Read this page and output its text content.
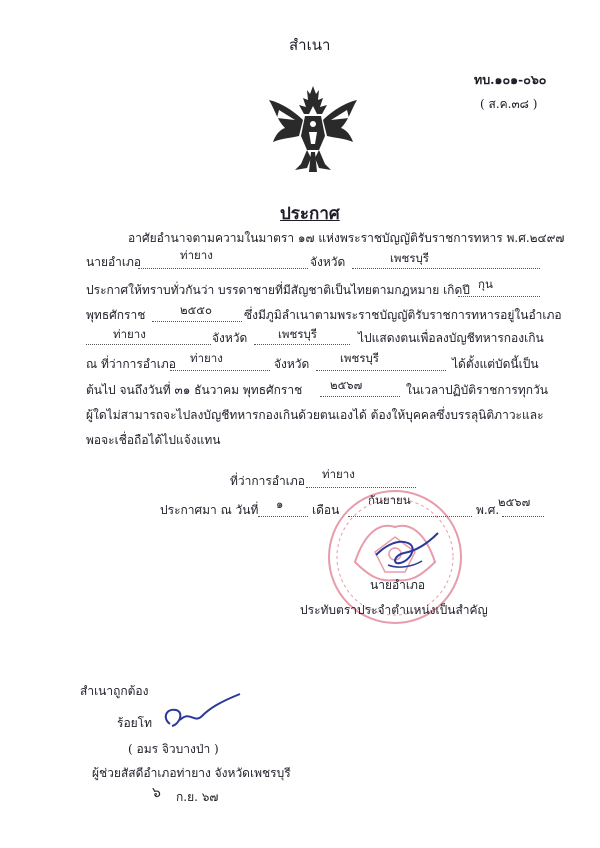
สำเนา
ทบ.๑๐๑-๐๖๐
( ส.ค.๓๘ )
ประกาศ
อาศัยอำนาจตามความในมาตรา ๑๗ แห่งพระราชบัญญัติรับราชการทหาร พ.ศ.๒๔๙๗
นายอำเภอ	ท่ายาง	จังหวัด	เพชรบุรี
ประกาศให้ทราบทั่วกันว่า บรรดาชายที่มีสัญชาติเป็นไทยตามกฎหมาย เกิดปี กุน
พุทธศักราช	๒๕๕๐	ซึ่งมีภูมิลำเนาตามพระราชบัญญัติรับราชการทหารอยู่ในอำเภอ
ท่ายาง	จังหวัด	เพชรบุรี	ไปแสดงตนเพื่อลงบัญชีทหารกองเกิน
ณ ที่ว่าการอำเภอ ท่ายาง	จังหวัด	เพชรบุรี	ได้ตั้งแต่บัดนี้เป็น
ต้นไป จนถึงวันที่ ๓๑ ธันวาคม พุทธศักราช ๒๕๖๗	ในเวลาปฏิบัติราชการทุกวัน
ผู้ใดไม่สามารถจะไปลงบัญชีทหารกองเกินด้วยตนเองได้ ต้องให้บุคคลซึ่งบรรลุนิติภาวะและ
พอจะเชื่อถือได้ไปแจ้งแทน
ที่ว่าการอำเภอ ท่ายาง
ประกาศมา ณ วันที่ ๑ เดือน
กันยายน
พ.ศ.
๒๕๖๗
นายอำเภอ
ประทับตราประจำตำแหน่งเป็นสำคัญ
สำเนาถูกต้อง
ร้อยโท
( อมร จิวบางป่า )
ผู้ช่วยสัสดีอำเภอท่ายาง จังหวัดเพชรบุรี
๖ ก.ย. ๖๗
